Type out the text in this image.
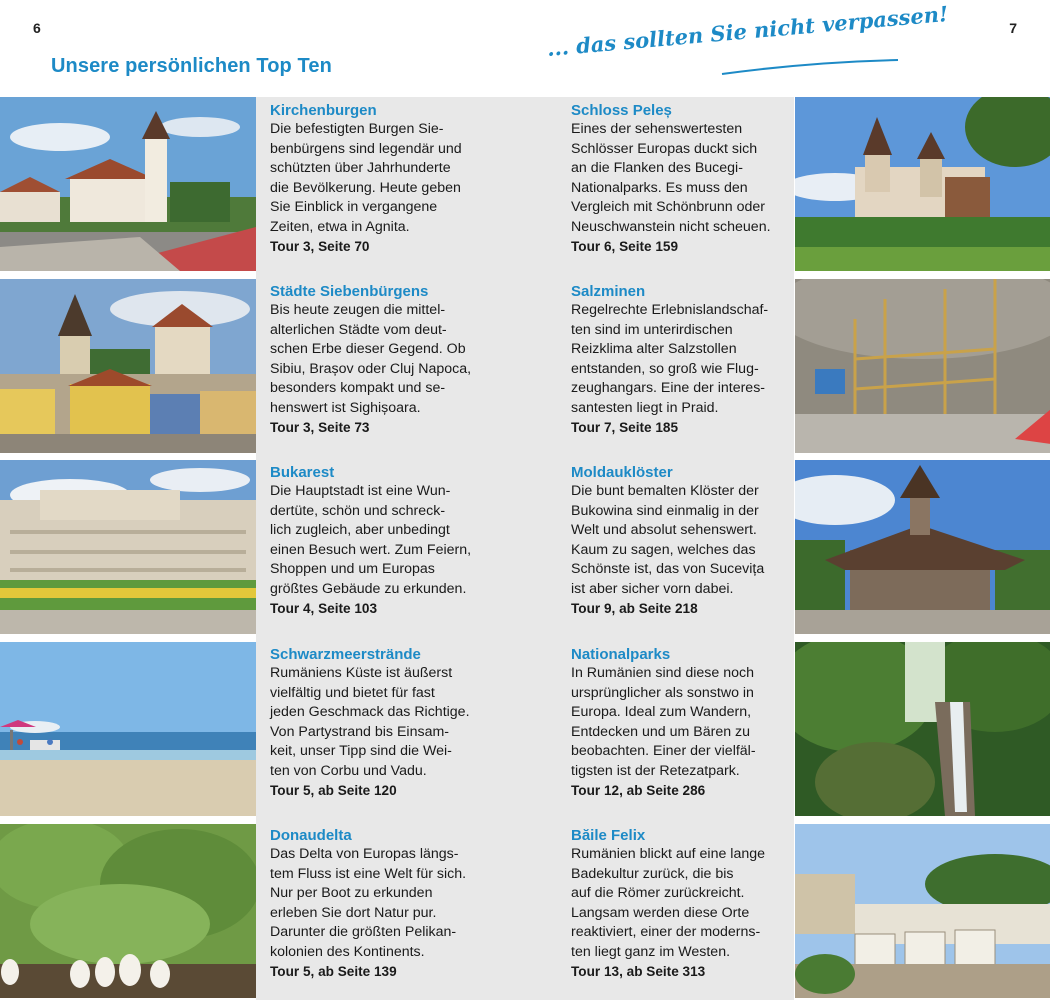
6	7
Unsere persönlichen Top Ten
... das sollten Sie nicht verpassen!
Kirchenburgen

Die befestigten Burgen Sie-
benbürgens sind legendär und
schützten über Jahrhunderte
die Bevölkerung. Heute geben
Sie Einblick in vergangene
Zeiten, etwa in Agnita.

Tour 3, Seite 70
Städte Siebenbürgens

Bis heute zeugen die mittel-
alterlichen Städte vom deut-
schen Erbe dieser Gegend. Ob
Sibiu, Brașov oder Cluj Napoca,
besonders kompakt und se-
henswert ist Sighișoara.

Tour 3, Seite 73
Bukarest

Die Hauptstadt ist eine Wun-
dertüte, schön und schreck-
lich zugleich, aber unbedingt
einen Besuch wert. Zum Feiern,
Shoppen und um Europas
größtes Gebäude zu erkunden.

Tour 4, Seite 103
Schwarzmeerstrände

Rumäniens Küste ist äußerst
vielfältig und bietet für fast
jeden Geschmack das Richtige.
Von Partystrand bis Einsam-
keit, unser Tipp sind die Wei-
ten von Corbu und Vadu.

Tour 5, ab Seite 120
Donaudelta

Das Delta von Europas längs-
tem Fluss ist eine Welt für sich.
Nur per Boot zu erkunden
erleben Sie dort Natur pur.
Darunter die größten Pelikan-
kolonien des Kontinents.

Tour 5, ab Seite 139
Schloss Peleș

Eines der sehenswertesten
Schlösser Europas duckt sich
an die Flanken des Bucegi-
Nationalparks. Es muss den
Vergleich mit Schönbrunn oder
Neuschwanstein nicht scheuen.

Tour 6, Seite 159
Salzminen

Regelrechte Erlebnislandschaf-
ten sind im unterirdischen
Reizklima alter Salzstollen
entstanden, so groß wie Flug-
zeughangars. Eine der interes-
santesten liegt in Praid.

Tour 7, Seite 185
Moldauklöster

Die bunt bemalten Klöster der
Bukowina sind einmalig in der
Welt und absolut sehenswert.
Kaum zu sagen, welches das
Schönste ist, das von Sucevița
ist aber sicher vorn dabei.

Tour 9, ab Seite 218
Nationalparks

In Rumänien sind diese noch
ursprünglicher als sonstwo in
Europa. Ideal zum Wandern,
Entdecken und um Bären zu
beobachten. Einer der vielfäl-
tigsten ist der Retezatpark.

Tour 12, ab Seite 286
Băile Felix

Rumänien blickt auf eine lange
Badekultur zurück, die bis
auf die Römer zurückreicht.
Langsam werden diese Orte
reaktiviert, einer der moderns-
ten liegt ganz im Westen.

Tour 13, ab Seite 313
